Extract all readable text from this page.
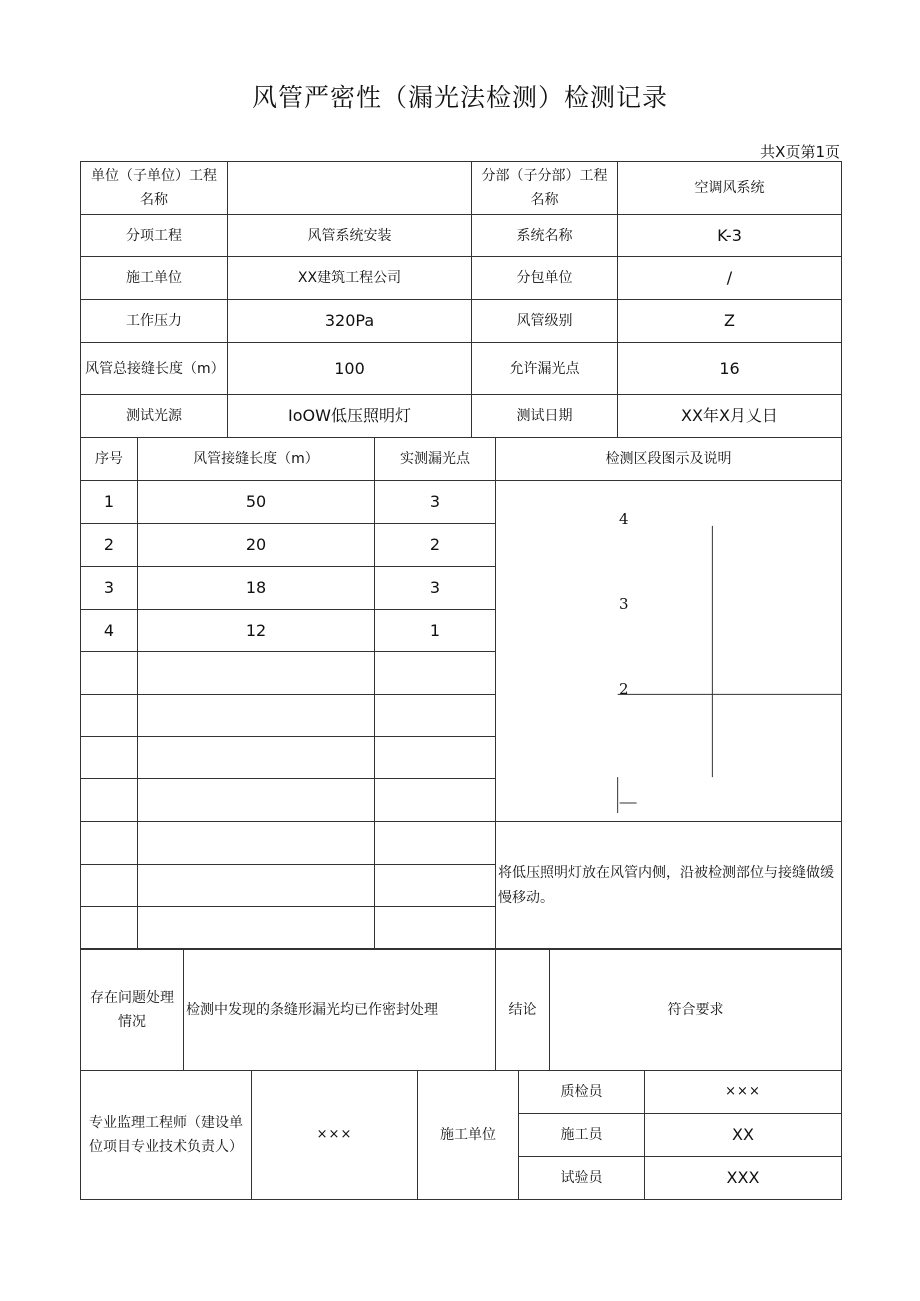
风管严密性（漏光法检测）检测记录
共X页第1页
单位（子单位）工程名称		分部（子分部）工程名称	空调风系统
分项工程	风管系统安装	系统名称	K-3
施工单位	XX建筑工程公司	分包单位	/
工作压力	320Pa	风管级别	Z
风管总接缝长度（m）	100	允许漏光点	16
测试光源	IoOW低压照明灯	测试日期	XX年X月乂日
序号	风管接缝长度（m）	实测漏光点	检测区段图示及说明
1	50	3	4
3
2

2	20	2	
3	18	3	
4	12	1	

			将低压照明灯放在风管内侧，沿被检测部位与接缝做缓慢移动。

存在问题处理情况	检测中发现的条缝形漏光均已作密封处理	结论	符合要求
专业监理工程师（建设单位项目专业技术负责人）	×××	施工单位	质检员	×××
			施工员	XX
			试验员	XXX
